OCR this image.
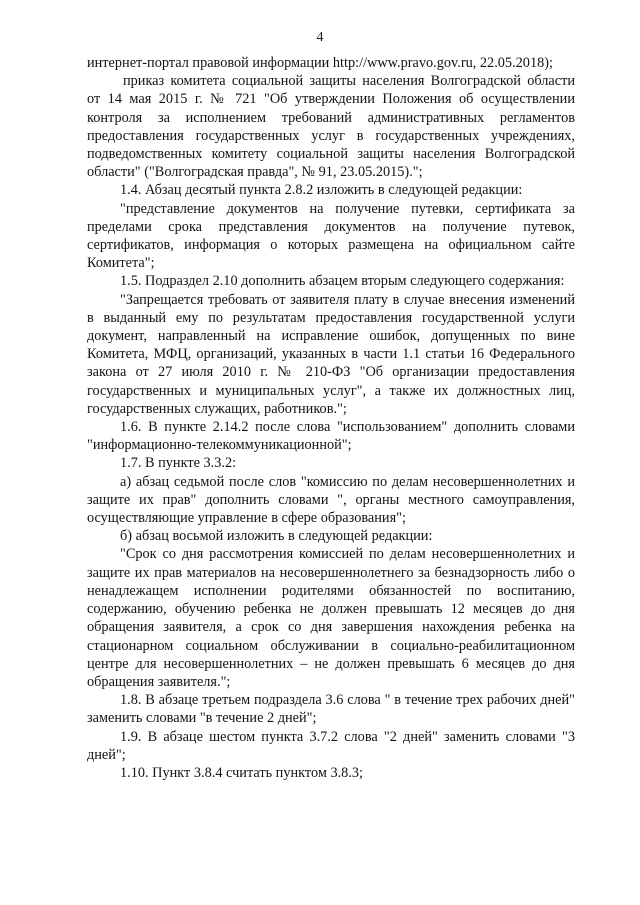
4

интернет-портал правовой информации http://www.pravo.gov.ru, 22.05.2018);

приказ комитета социальной защиты населения Волгоградской области от 14 мая 2015 г. № 721 "Об утверждении Положения об осуществлении контроля за исполнением требований административных регламентов предоставления государственных услуг в государственных учреждениях, подведомственных комитету социальной защиты населения Волгоградской области" ("Волгоградская правда", № 91, 23.05.2015).";

1.4. Абзац десятый пункта 2.8.2 изложить в следующей редакции:

"представление документов на получение путевки, сертификата за пределами срока представления документов на получение путевок, сертификатов, информация о которых размещена на официальном сайте Комитета";

1.5. Подраздел 2.10 дополнить абзацем вторым следующего содержания:

"Запрещается требовать от заявителя плату в случае внесения изменений в выданный ему по результатам предоставления государственной услуги документ, направленный на исправление ошибок, допущенных по вине Комитета, МФЦ, организаций, указанных в части 1.1 статьи 16 Федерального закона от 27 июля 2010 г. № 210-ФЗ "Об организации предоставления государственных и муниципальных услуг", а также их должностных лиц, государственных служащих, работников.";

1.6. В пункте 2.14.2 после слова "использованием" дополнить словами "информационно-телекоммуникационной";

1.7. В пункте 3.3.2:

а) абзац седьмой после слов "комиссию по делам несовершеннолетних и защите их прав" дополнить словами ", органы местного самоуправления, осуществляющие управление в сфере образования";

б) абзац восьмой изложить в следующей редакции:

"Срок со дня рассмотрения комиссией по делам несовершеннолетних и защите их прав материалов на несовершеннолетнего за безнадзорность либо о ненадлежащем исполнении родителями обязанностей по воспитанию, содержанию, обучению ребенка не должен превышать 12 месяцев до дня обращения заявителя, а срок со дня завершения нахождения ребенка на стационарном социальном обслуживании в социально-реабилитационном центре для несовершеннолетних – не должен превышать 6 месяцев до дня обращения заявителя.";

1.8. В абзаце третьем подраздела 3.6 слова " в течение трех рабочих дней" заменить словами "в течение 2 дней";

1.9. В абзаце шестом пункта 3.7.2 слова "2 дней" заменить словами "3 дней";

1.10. Пункт 3.8.4 считать пунктом 3.8.3;
